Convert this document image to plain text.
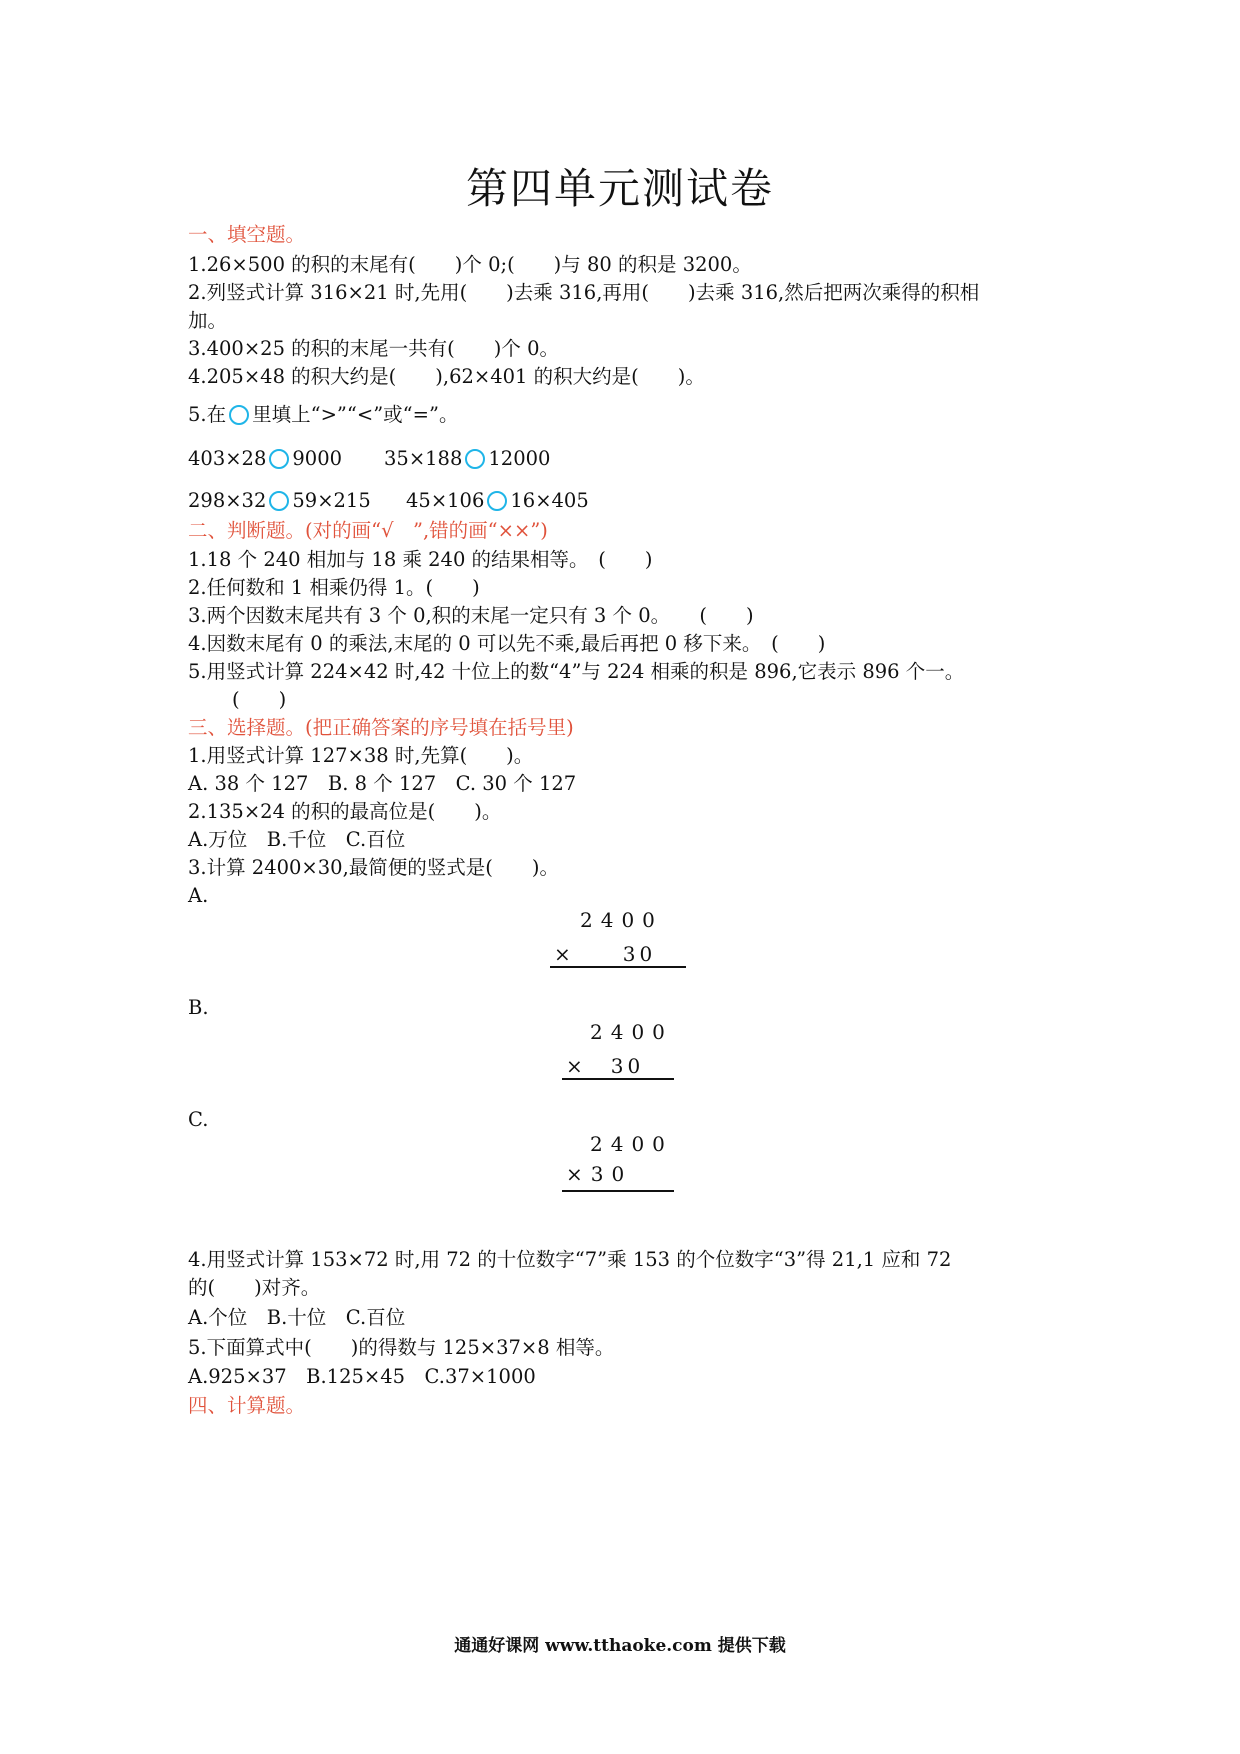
第四单元测试卷
一、填空题。
1.26×500 的积的末尾有(　　)个 0;(　　)与 80 的积是 3200。
2.列竖式计算 316×21 时,先用(　　)去乘 316,再用(　　)去乘 316,然后把两次乘得的积相
加。
3.400×25 的积的末尾一共有(　　)个 0。
4.205×48 的积大约是(　　),62×401 的积大约是(　　)。
5.在 里填上“>”“<”或“=”。
403×28 9000 35×188 12000
298×32 59×215 45×106 16×405
二、判断题。(对的画“√　”,错的画“××”)
1.18 个 240 相加与 18 乘 240 的结果相等。　(　　)
2.任何数和 1 相乘仍得 1。(　　)
3.两个因数末尾共有 3 个 0,积的末尾一定只有 3 个 0。　　(　　)
4.因数末尾有 0 的乘法,末尾的 0 可以先不乘,最后再把 0 移下来。　(　　)
5.用竖式计算 224×42 时,42 十位上的数“4”与 224 相乘的积是 896,它表示 896 个一。
(　　)
三、选择题。(把正确答案的序号填在括号里)
1.用竖式计算 127×38 时,先算(　　)。
A. 38 个 127　B. 8 个 127　C. 30 个 127
2.135×24 的积的最高位是(　　)。
A.万位　B.千位　C.百位
3.计算 2400×30,最简便的竖式是(　　)。
A.
2400
×　　30
B.
2400
×　30
C.
2400
×30
4.用竖式计算 153×72 时,用 72 的十位数字“7”乘 153 的个位数字“3”得 21,1 应和 72
的(　　)对齐。
A.个位　B.十位　C.百位
5.下面算式中(　　)的得数与 125×37×8 相等。
A.925×37　B.125×45　C.37×1000
四、计算题。
通通好课网 www.tthaoke.com 提供下载
